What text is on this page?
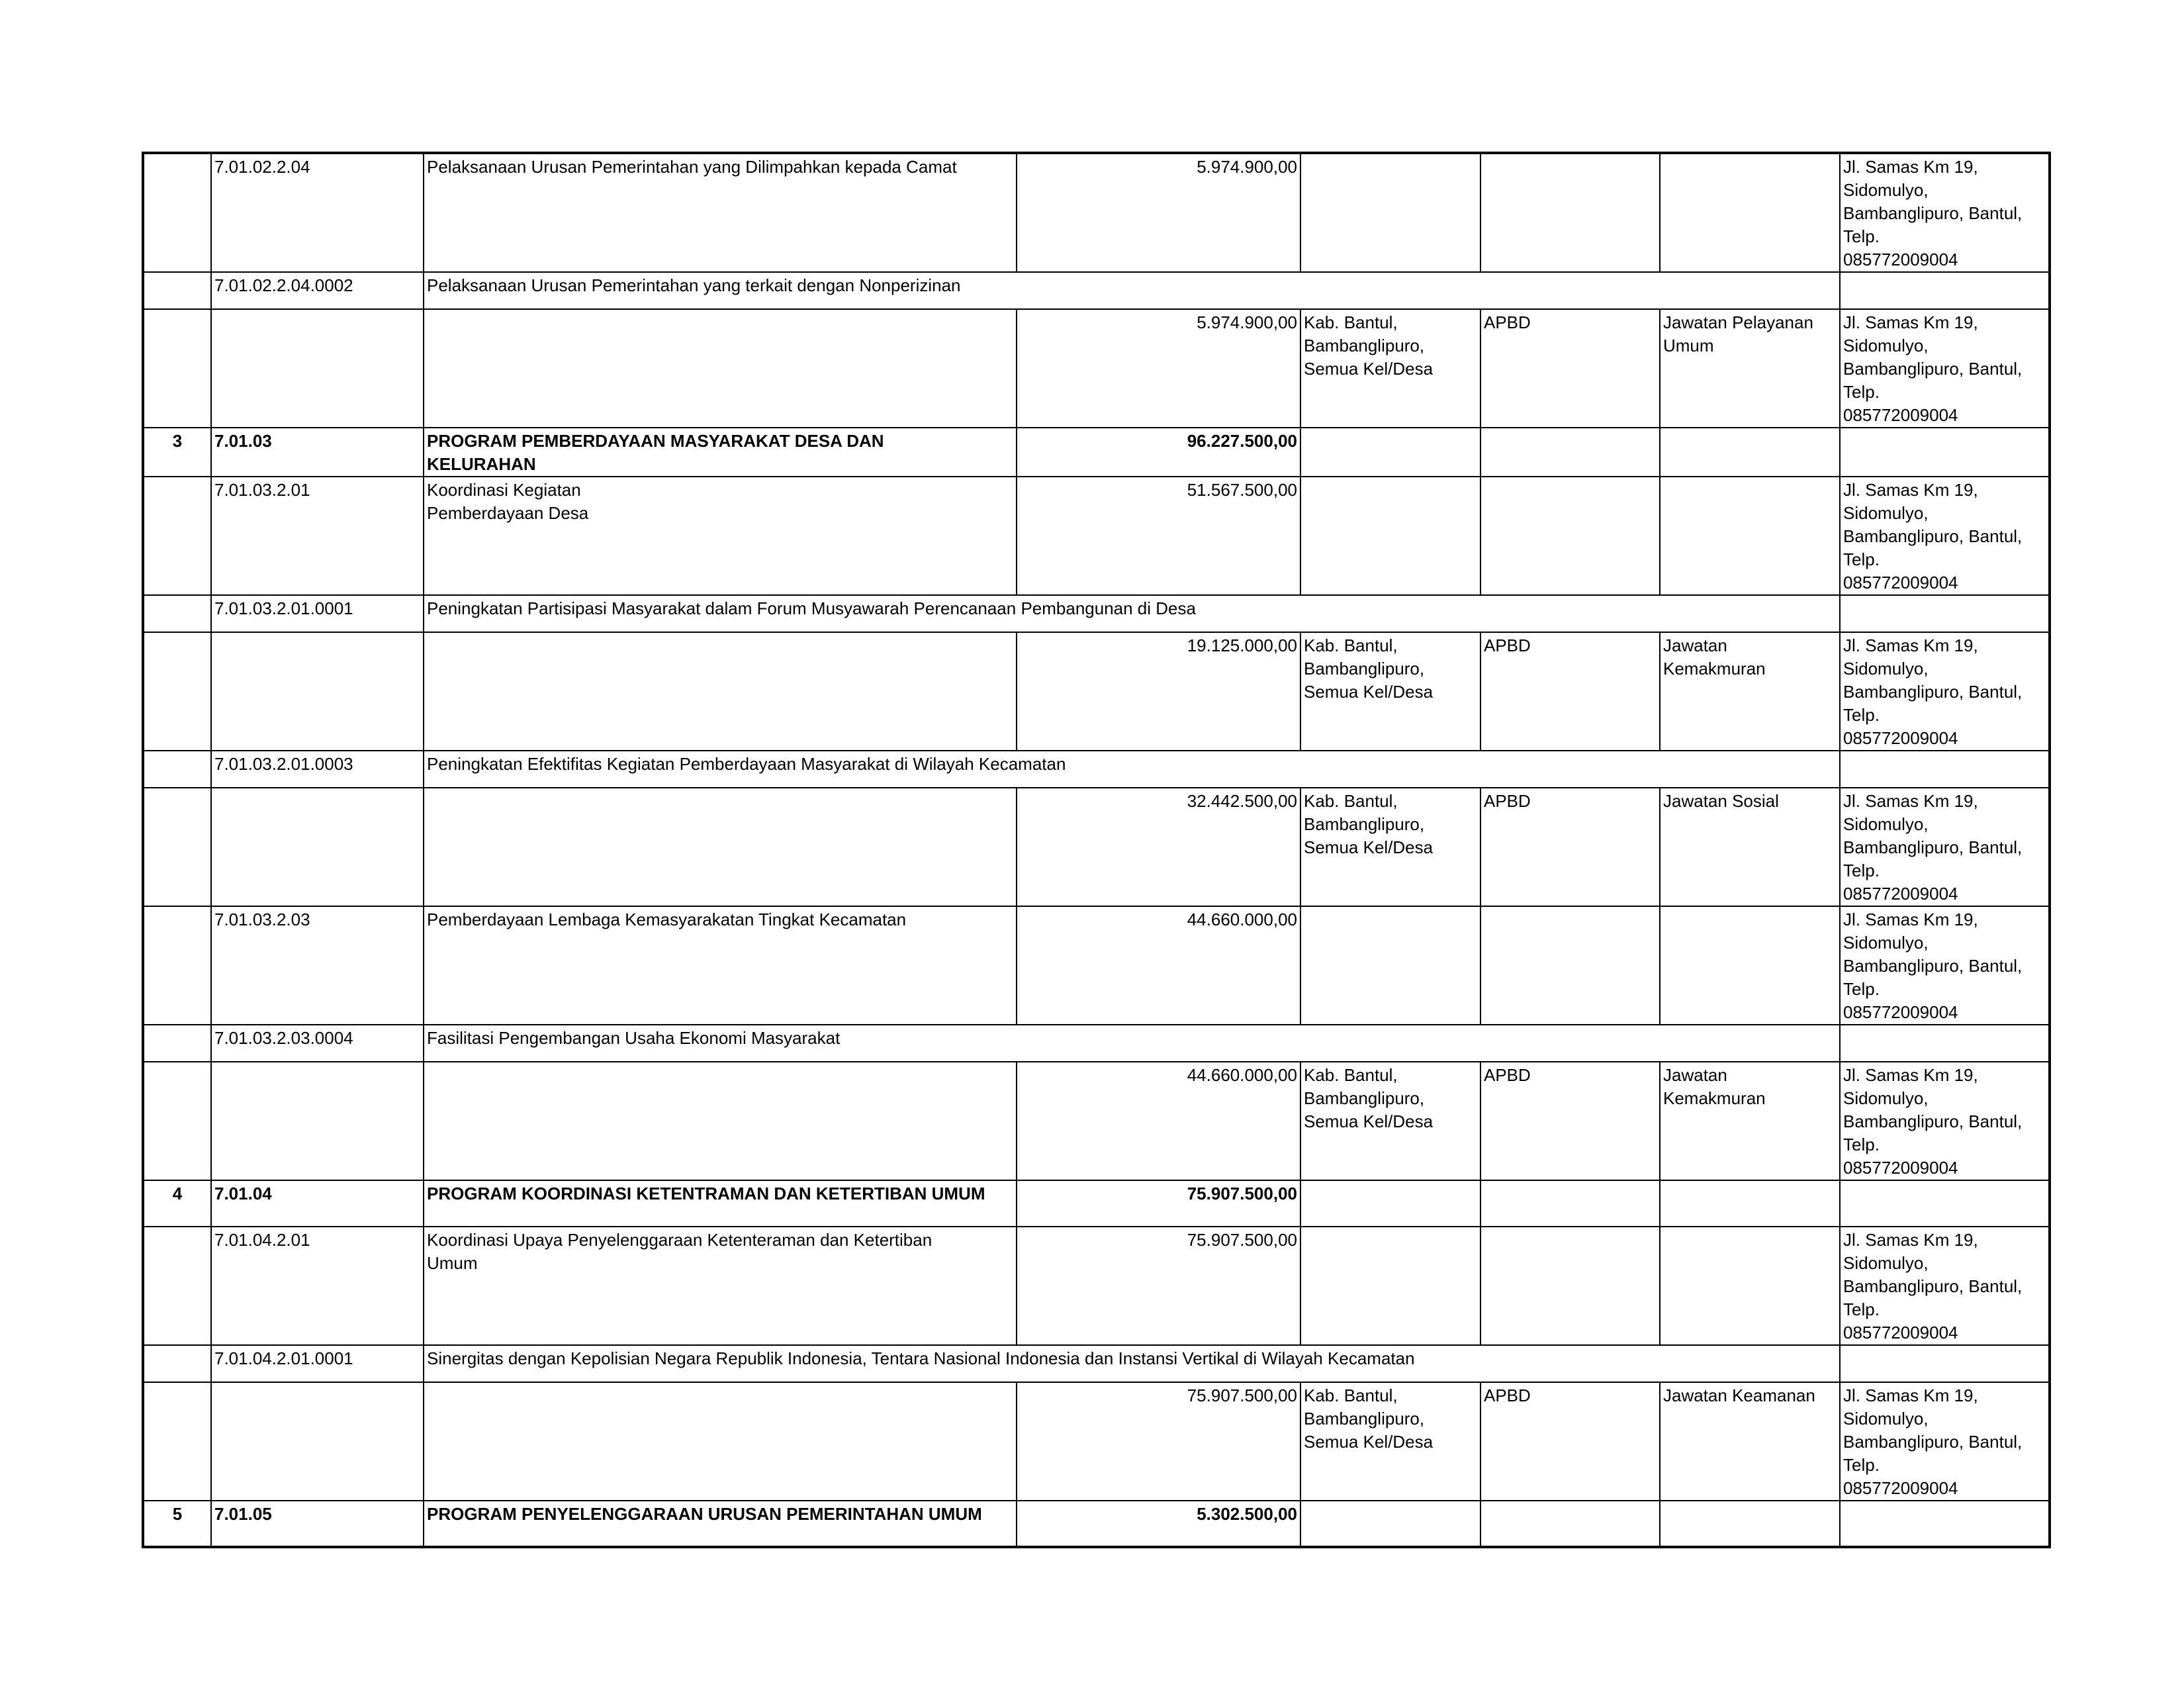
	7.01.02.2.04	Pelaksanaan Urusan Pemerintahan yang Dilimpahkan kepada Camat	5.974.900,00				Jl. Samas Km 19,
Sidomulyo,
Bambanglipuro, Bantul,
Telp.
085772009004
	7.01.02.2.04.0002	Pelaksanaan Urusan Pemerintahan yang terkait dengan Nonperizinan					
			5.974.900,00	Kab. Bantul,
Bambanglipuro,
Semua Kel/Desa	APBD	Jawatan Pelayanan
Umum	Jl. Samas Km 19,
Sidomulyo,
Bambanglipuro, Bantul,
Telp.
085772009004
3	7.01.03	PROGRAM PEMBERDAYAAN MASYARAKAT DESA DAN
KELURAHAN	96.227.500,00				
	7.01.03.2.01	Koordinasi Kegiatan
Pemberdayaan Desa	51.567.500,00				Jl. Samas Km 19,
Sidomulyo,
Bambanglipuro, Bantul,
Telp.
085772009004
	7.01.03.2.01.0001	Peningkatan Partisipasi Masyarakat dalam Forum Musyawarah Perencanaan Pembangunan di Desa					
			19.125.000,00	Kab. Bantul,
Bambanglipuro,
Semua Kel/Desa	APBD	Jawatan
Kemakmuran	Jl. Samas Km 19,
Sidomulyo,
Bambanglipuro, Bantul,
Telp.
085772009004
	7.01.03.2.01.0003	Peningkatan Efektifitas Kegiatan Pemberdayaan Masyarakat di Wilayah Kecamatan					
			32.442.500,00	Kab. Bantul,
Bambanglipuro,
Semua Kel/Desa	APBD	Jawatan Sosial	Jl. Samas Km 19,
Sidomulyo,
Bambanglipuro, Bantul,
Telp.
085772009004
	7.01.03.2.03	Pemberdayaan Lembaga Kemasyarakatan Tingkat Kecamatan	44.660.000,00				Jl. Samas Km 19,
Sidomulyo,
Bambanglipuro, Bantul,
Telp.
085772009004
	7.01.03.2.03.0004	Fasilitasi Pengembangan Usaha Ekonomi Masyarakat					
			44.660.000,00	Kab. Bantul,
Bambanglipuro,
Semua Kel/Desa	APBD	Jawatan
Kemakmuran	Jl. Samas Km 19,
Sidomulyo,
Bambanglipuro, Bantul,
Telp.
085772009004
4	7.01.04	PROGRAM KOORDINASI KETENTRAMAN DAN KETERTIBAN UMUM	75.907.500,00				
	7.01.04.2.01	Koordinasi Upaya Penyelenggaraan Ketenteraman dan Ketertiban
Umum	75.907.500,00				Jl. Samas Km 19,
Sidomulyo,
Bambanglipuro, Bantul,
Telp.
085772009004
	7.01.04.2.01.0001	Sinergitas dengan Kepolisian Negara Republik Indonesia, Tentara Nasional Indonesia dan Instansi Vertikal di Wilayah Kecamatan					
			75.907.500,00	Kab. Bantul,
Bambanglipuro,
Semua Kel/Desa	APBD	Jawatan Keamanan	Jl. Samas Km 19,
Sidomulyo,
Bambanglipuro, Bantul,
Telp.
085772009004
5	7.01.05	PROGRAM PENYELENGGARAAN URUSAN PEMERINTAHAN UMUM	5.302.500,00				
